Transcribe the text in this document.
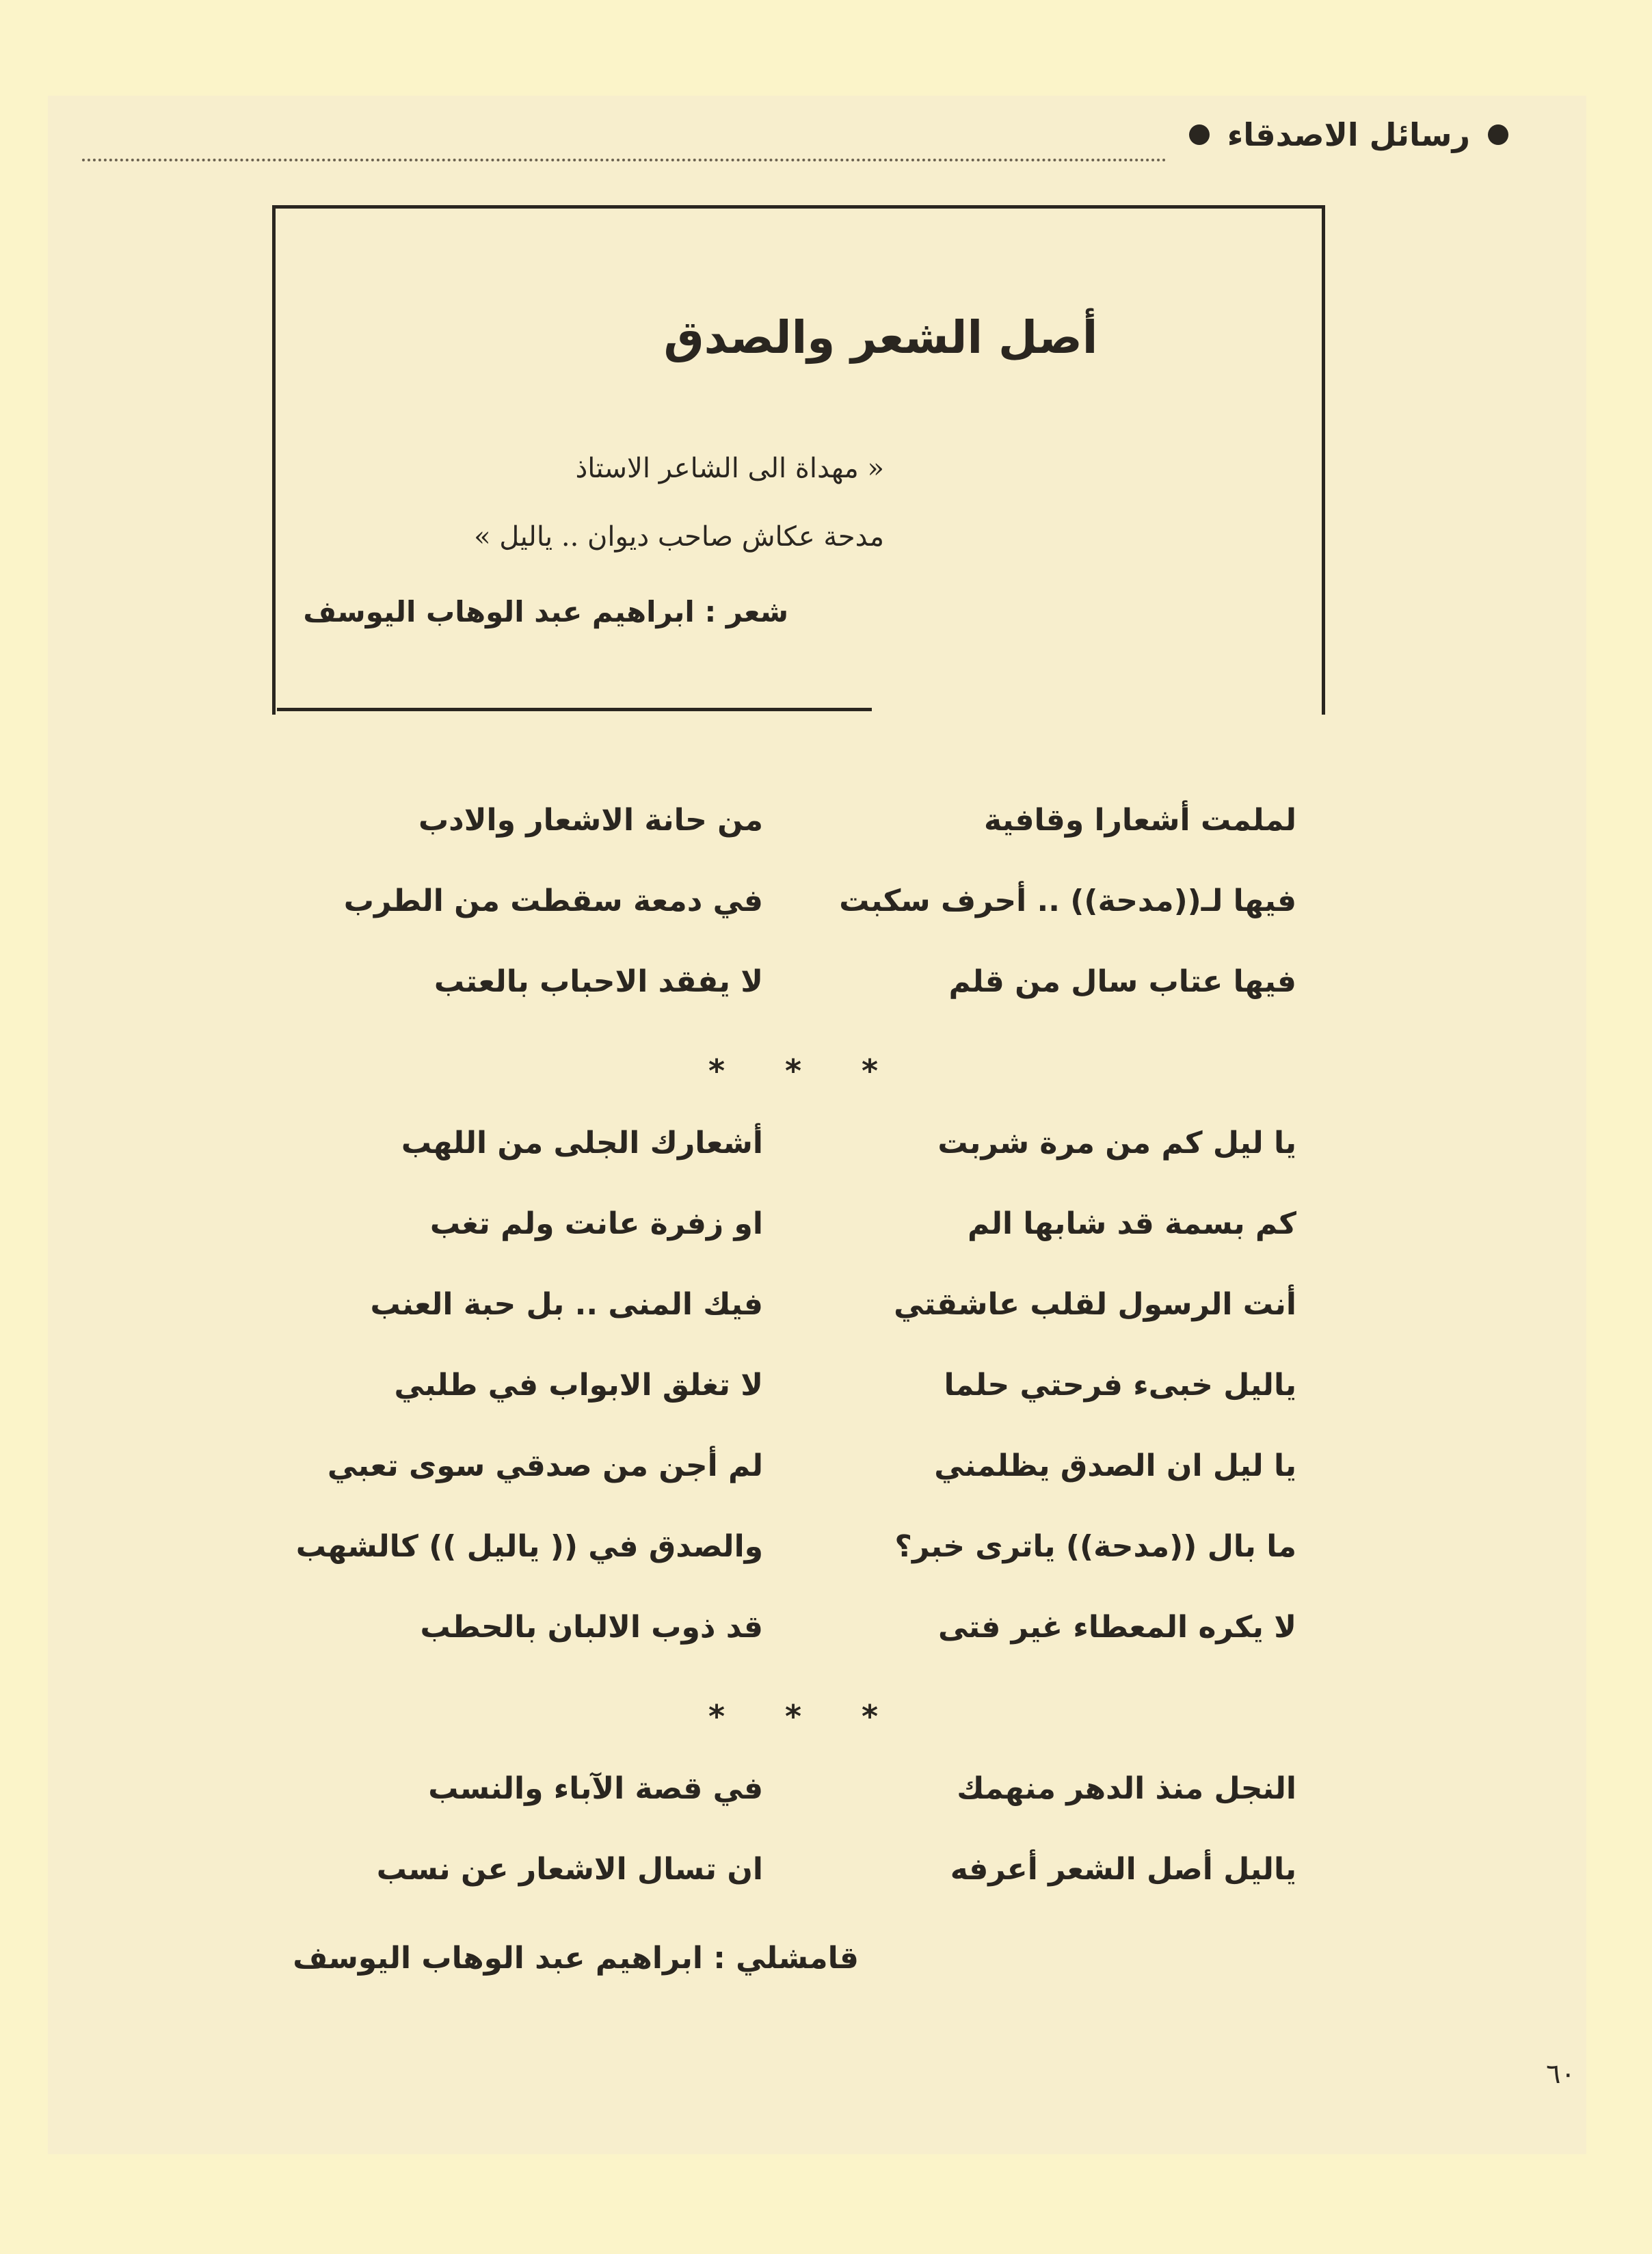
رسائل الاصدقاء
أصل الشعر والصدق
« مهداة الى الشاعر الاستاذ
مدحة عكاش صاحب ديوان .. ياليل »
شعر : ابراهيم عبد الوهاب اليوسف
لملمت أشعارا وقافية
من حانة الاشعار والادب
فيها لـ((مدحة)) .. أحرف سكبت
في دمعة سقطت من الطرب
فيها عتاب سال من قلم
لا يفقد الاحباب بالعتب
*
*
*
يا ليل كم من مرة شربت
أشعارك الجلى من اللهب
كم بسمة قد شابها الم
او زفرة عانت ولم تغب
أنت الرسول لقلب عاشقتي
فيك المنى .. بل حبة العنب
ياليل خبىء فرحتي حلما
لا تغلق الابواب في طلبي
يا ليل ان الصدق يظلمني
لم أجن من صدقي سوى تعبي
ما بال ((مدحة)) ياترى خبر؟
والصدق في (( ياليل )) كالشهب
لا يكره المعطاء غير فتى
قد ذوب الالبان بالحطب
*
*
*
النجل منذ الدهر منهمك
في قصة الآباء والنسب
ياليل أصل الشعر أعرفه
ان تسال الاشعار عن نسب
قامشلي : ابراهيم عبد الوهاب اليوسف
٦٠
